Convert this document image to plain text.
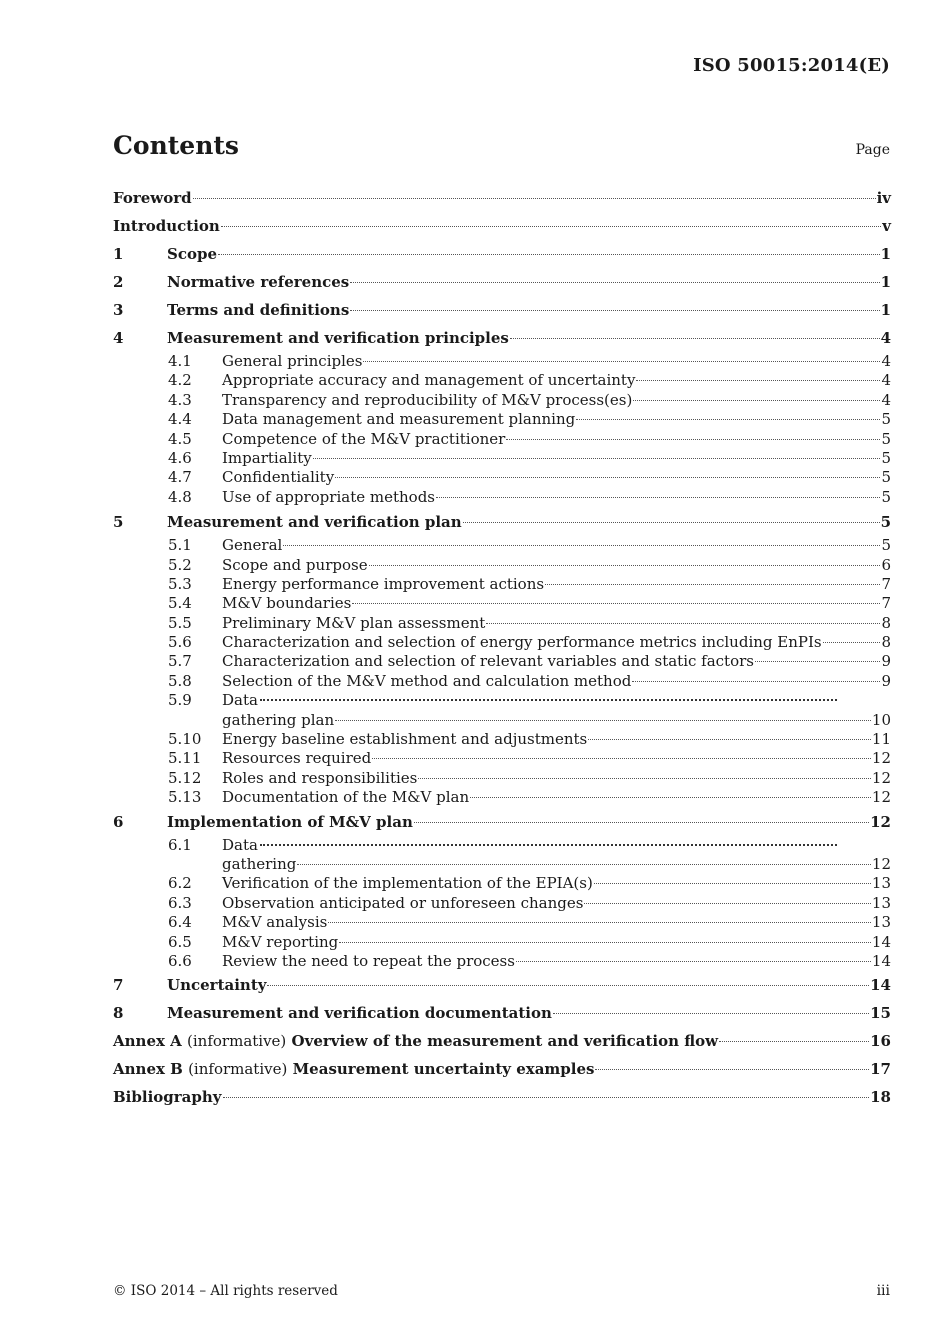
ISO 50015:2014(E)
Contents	Page
Foreword	iv
Introduction	v
1	Scope	1
2	Normative references	1
3	Terms and definitions	1
4	Measurement and verification principles	4
4.1	General principles	4
4.2	Appropriate accuracy and management of uncertainty	4
4.3	Transparency and reproducibility of M&V process(es)	4
4.4	Data management and measurement planning	5
4.5	Competence of the M&V practitioner	5
4.6	Impartiality	5
4.7	Confidentiality	5
4.8	Use of appropriate methods	5
5	Measurement and verification plan	5
5.1	General	5
5.2	Scope and purpose	6
5.3	Energy performance improvement actions	7
5.4	M&V boundaries	7
5.5	Preliminary M&V plan assessment	8
5.6	Characterization and selection of energy performance metrics including EnPIs	8
5.7	Characterization and selection of relevant variables and static factors	9
5.8	Selection of the M&V method and calculation method	9
5.9	Data
gathering plan	10
5.10	Energy baseline establishment and adjustments	11
5.11	Resources required	12
5.12	Roles and responsibilities	12
5.13	Documentation of the M&V plan	12
6	Implementation of M&V plan	12
6.1	Data
gathering	12
6.2	Verification of the implementation of the EPIA(s)	13
6.3	Observation anticipated or unforeseen changes	13
6.4	M&V analysis	13
6.5	M&V reporting	14
6.6	Review the need to repeat the process	14
7	Uncertainty	14
8	Measurement and verification documentation	15
Annex A (informative) Overview of the measurement and verification flow	16
Annex B (informative) Measurement uncertainty examples	17
Bibliography	18
© ISO 2014 – All rights reserved	iii
